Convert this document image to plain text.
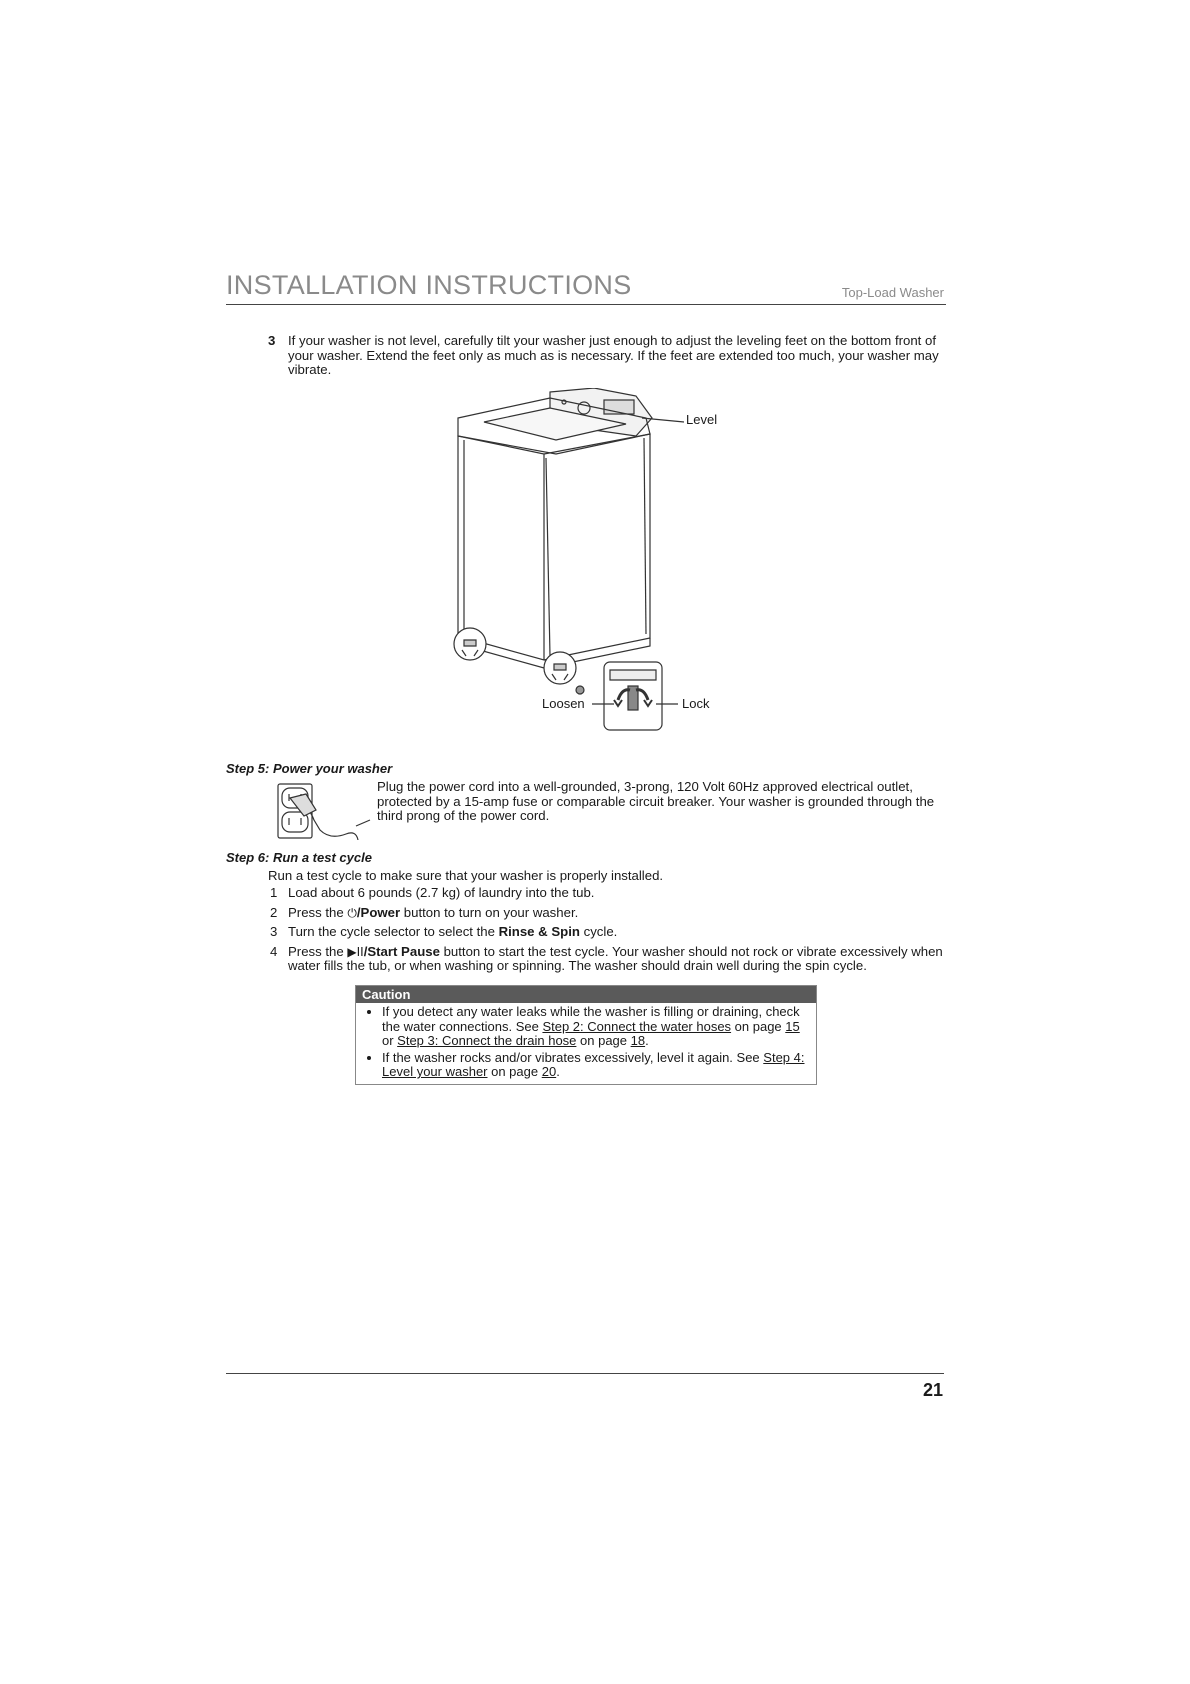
INSTALLATION INSTRUCTIONS	Top-Load Washer
3 If your washer is not level, carefully tilt your washer just enough to adjust the leveling feet on the bottom front of your washer. Extend the feet only as much as is necessary. If the feet are extended too much, your washer may vibrate.
Level
Loosen	Lock
Step 5: Power your washer
Plug the power cord into a well-grounded, 3-prong, 120 Volt 60Hz approved electrical outlet, protected by a 15-amp fuse or comparable circuit breaker. Your washer is grounded through the third prong of the power cord.
Step 6: Run a test cycle
Run a test cycle to make sure that your washer is properly installed.
1 Load about 6 pounds (2.7 kg) of laundry into the tub.
2 Press the ⏻/Power button to turn on your washer.
3 Turn the cycle selector to select the Rinse & Spin cycle.
4 Press the ▶II/Start Pause button to start the test cycle. Your washer should not rock or vibrate excessively when water fills the tub, or when washing or spinning. The washer should drain well during the spin cycle.
Caution
• If you detect any water leaks while the washer is filling or draining, check the water connections. See Step 2: Connect the water hoses on page 15 or Step 3: Connect the drain hose on page 18.
• If the washer rocks and/or vibrates excessively, level it again. See Step 4: Level your washer on page 20.
21
